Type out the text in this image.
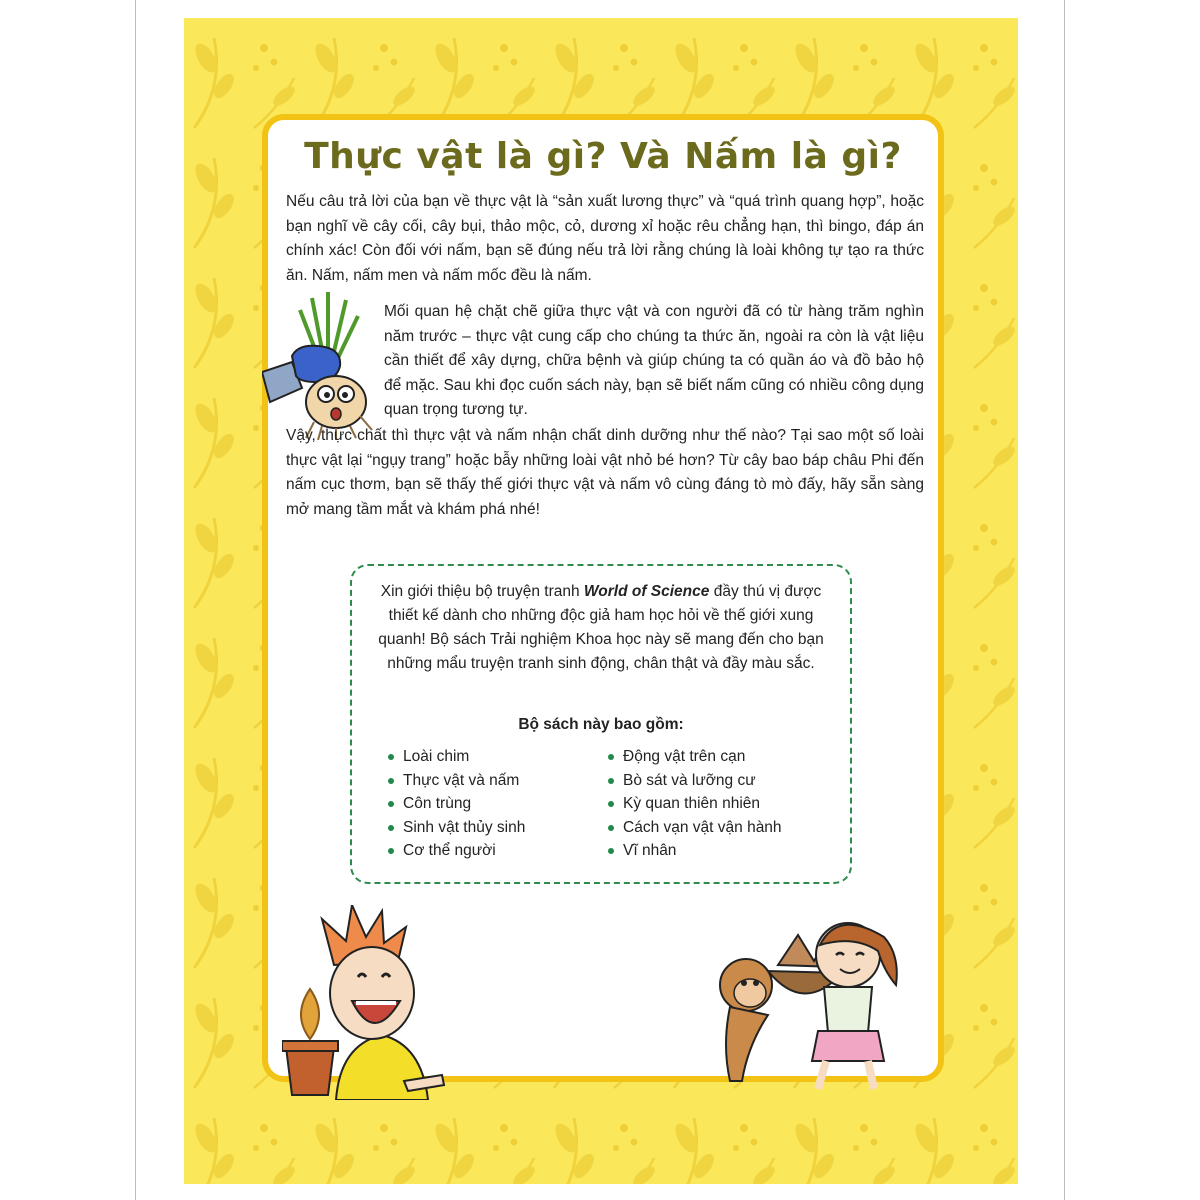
Thực vật là gì? Và Nấm là gì?

Nếu câu trả lời của bạn về thực vật là “sản xuất lương thực” và “quá trình quang hợp”, hoặc bạn nghĩ về cây cối, cây bụi, thảo mộc, cỏ, dương xỉ hoặc rêu chẳng hạn, thì bingo, đáp án chính xác! Còn đối với nấm, bạn sẽ đúng nếu trả lời rằng chúng là loài không tự tạo ra thức ăn. Nấm, nấm men và nấm mốc đều là nấm.

Mối quan hệ chặt chẽ giữa thực vật và con người đã có từ hàng trăm nghìn năm trước – thực vật cung cấp cho chúng ta thức ăn, ngoài ra còn là vật liệu cần thiết để xây dựng, chữa bệnh và giúp chúng ta có quần áo và đồ bảo hộ để mặc. Sau khi đọc cuốn sách này, bạn sẽ biết nấm cũng có nhiều công dụng quan trọng tương tự.

Vậy, thực chất thì thực vật và nấm nhận chất dinh dưỡng như thế nào? Tại sao một số loài thực vật lại “ngụy trang” hoặc bẫy những loài vật nhỏ bé hơn? Từ cây bao báp châu Phi đến nấm cục thơm, bạn sẽ thấy thế giới thực vật và nấm vô cùng đáng tò mò đấy, hãy sẵn sàng mở mang tầm mắt và khám phá nhé!

Xin giới thiệu bộ truyện tranh World of Science đầy thú vị được thiết kế dành cho những độc giả ham học hỏi về thế giới xung quanh! Bộ sách Trải nghiệm Khoa học này sẽ mang đến cho bạn những mẩu truyện tranh sinh động, chân thật và đầy màu sắc.

Bộ sách này bao gồm:
Loài chim
Thực vật và nấm
Côn trùng
Sinh vật thủy sinh
Cơ thể người
Động vật trên cạn
Bò sát và lưỡng cư
Kỳ quan thiên nhiên
Cách vạn vật vận hành
Vĩ nhân
